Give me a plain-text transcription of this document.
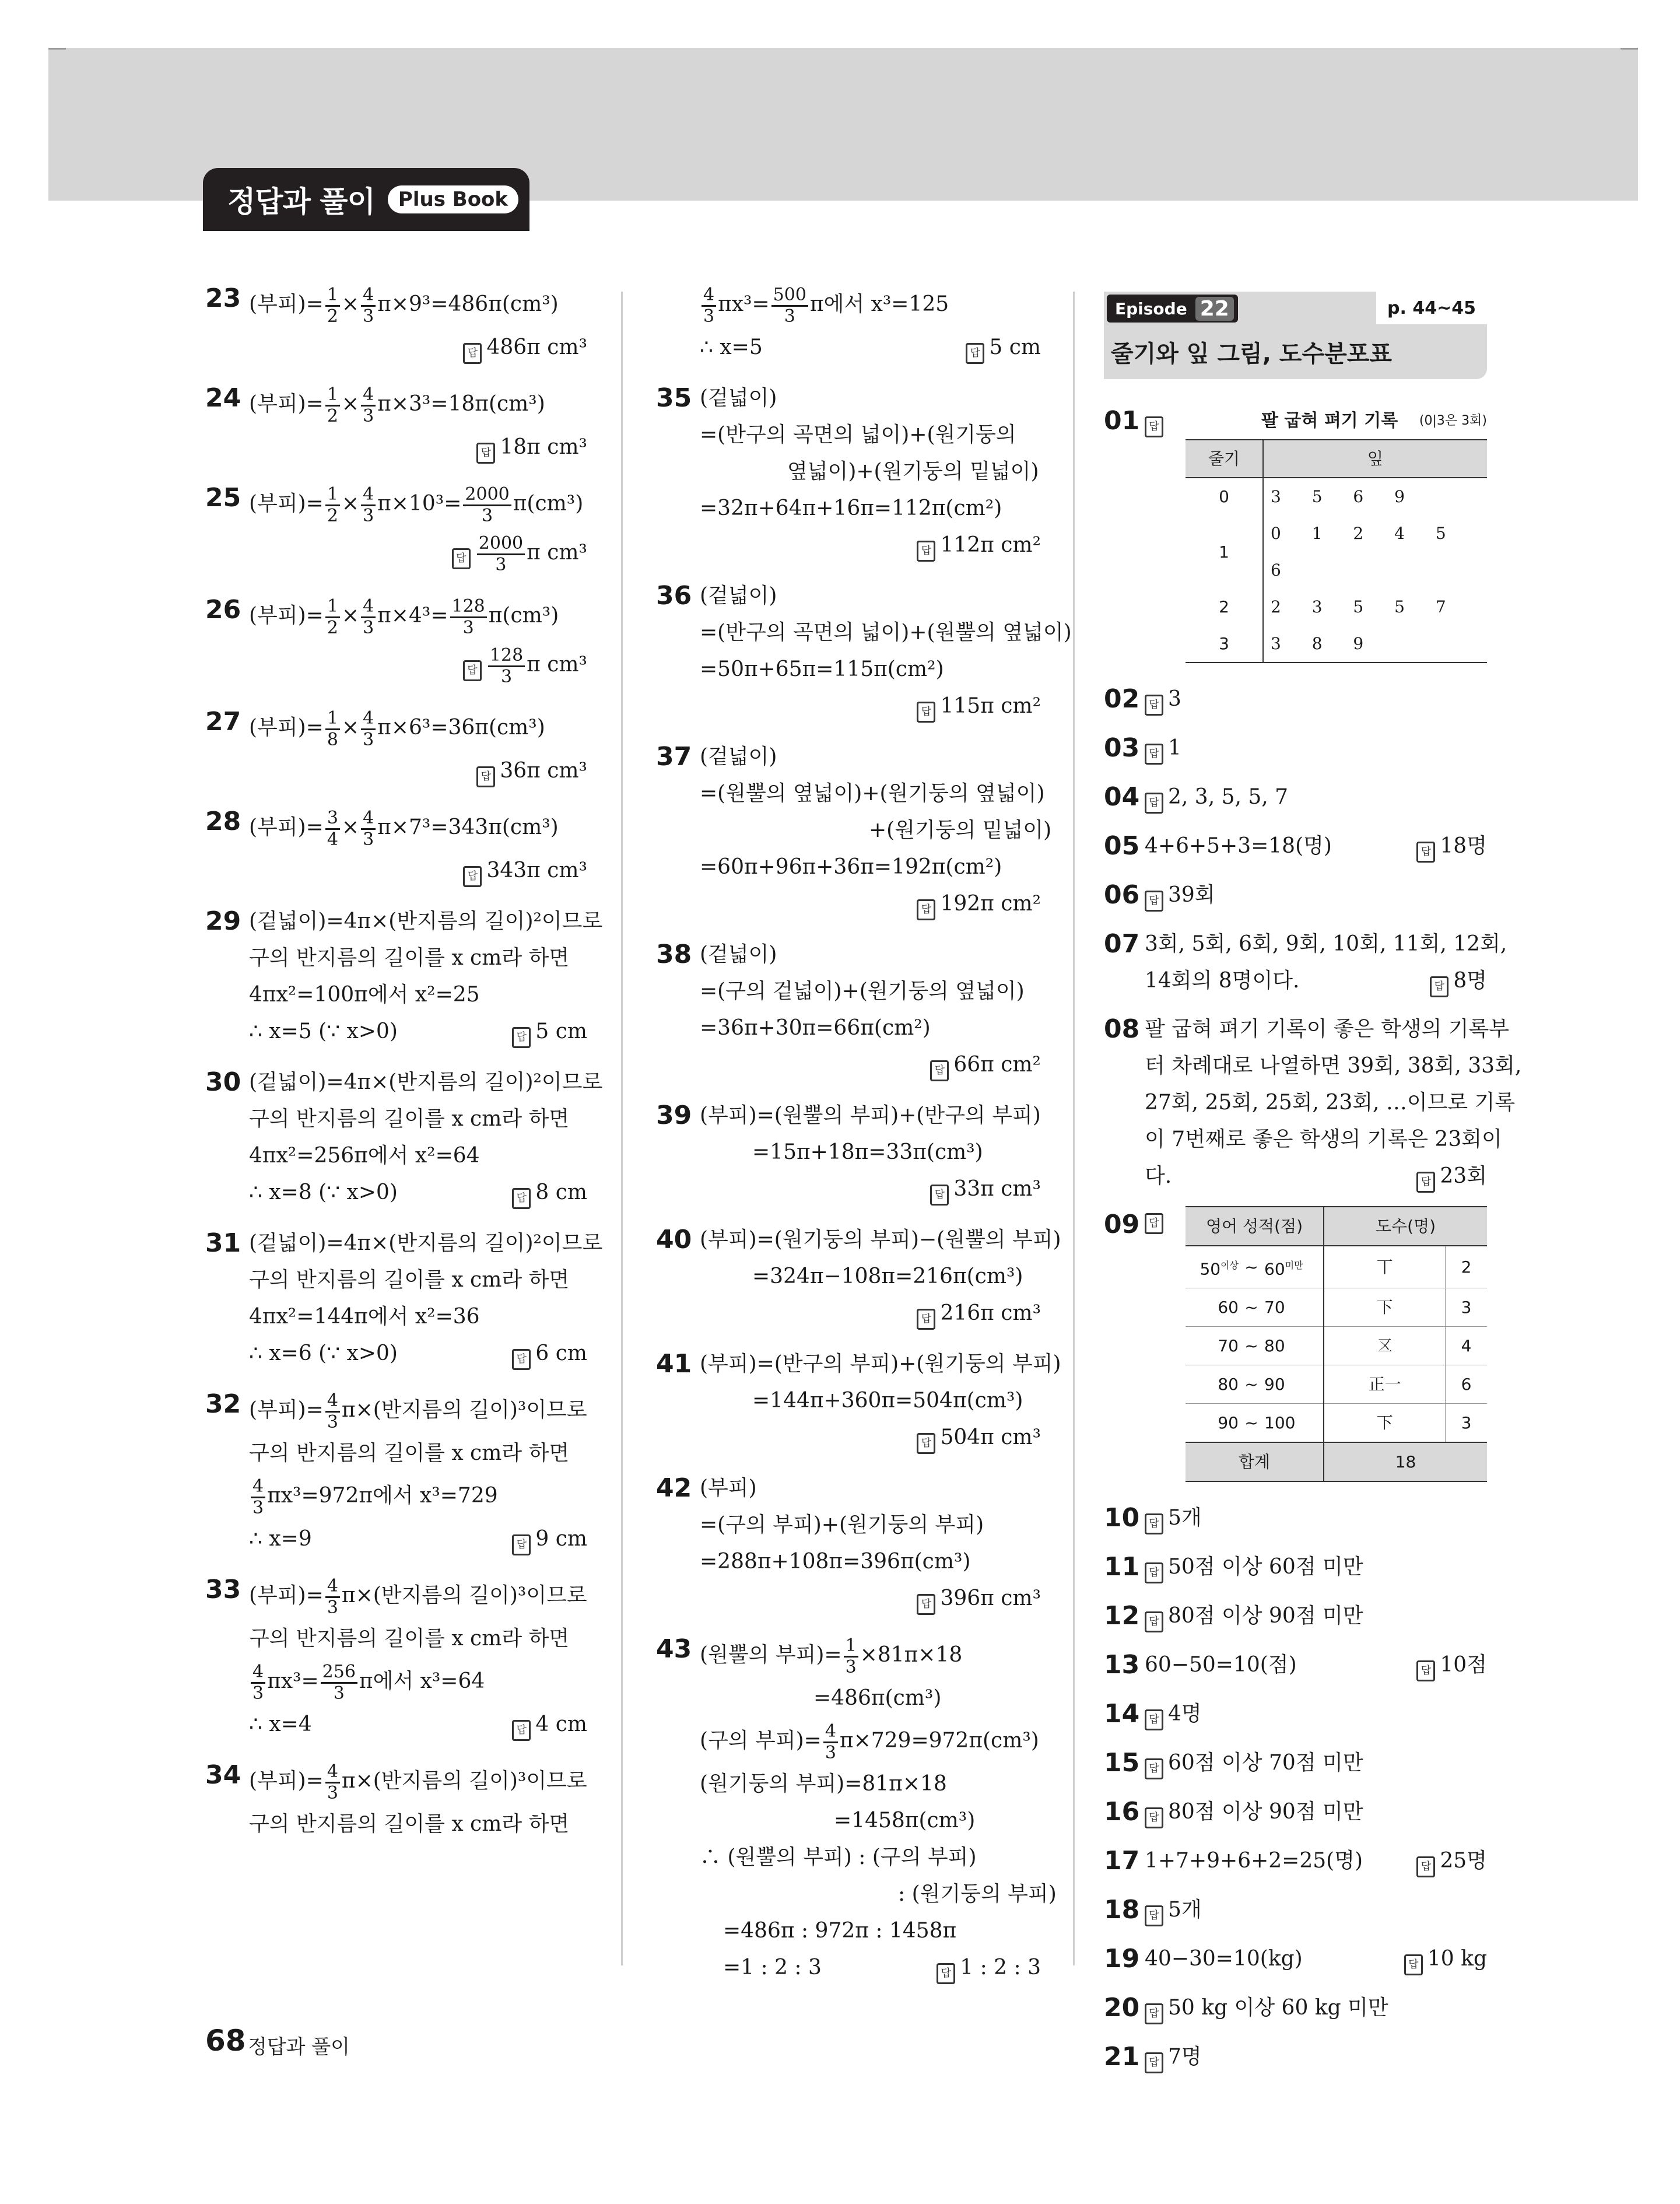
정답과 풀이	Plus Book
23 (부피)= $\frac{1}{2} \times \frac{4}{3} \pi\times 9^3=486\pi(cm^3)$
답 486π cm³
24 (부피)= $\frac{1}{2} \times \frac{4}{3} \pi\times 3^3=18\pi(cm^3)$
답 18π cm³
25 (부피)= $\frac{1}{2} \times \frac{4}{3} \pi\times 10^3= \frac{2000}{3} \pi(cm^3)$
답 $\frac{2000}{3}$ π cm³
26 (부피)= $\frac{1}{2} \times \frac{4}{3} \pi\times 4^3= \frac{128}{3} \pi(cm^3)$
답 $\frac{128}{3}$ π cm³
27 (부피)= $\frac{1}{8} \times \frac{4}{3} \pi\times 6^3=36\pi(cm^3)$
답 36π cm³
28 (부피)= $\frac{3}{4} \times \frac{4}{3} \pi\times 7^3=343\pi(cm^3)$
답 343π cm³
29 (겉넓이)=4π×(반지름의 길이)²이므로
구의 반지름의 길이를 x cm라 하면
4πx²=100π에서 x²=25
∴ x=5 (∵ x>0)	답 5 cm
30 (겉넓이)=4π×(반지름의 길이)²이므로
구의 반지름의 길이를 x cm라 하면
4πx²=256π에서 x²=64
∴ x=8 (∵ x>0)	답 8 cm
31 (겉넓이)=4π×(반지름의 길이)²이므로
구의 반지름의 길이를 x cm라 하면
4πx²=144π에서 x²=36
∴ x=6 (∵ x>0)	답 6 cm
32 (부피)= $\frac{4}{3} \pi\times$(반지름의 길이)³이므로
구의 반지름의 길이를 x cm라 하면
$\frac{4}{3} \pi x^3=972\pi$에서 x³=729
∴ x=9	답 9 cm
33 (부피)= $\frac{4}{3} \pi\times$(반지름의 길이)³이므로
구의 반지름의 길이를 x cm라 하면
$\frac{4}{3} \pi x^3= \frac{256}{3}$ π에서 x³=64
∴ x=4	답 4 cm
34 (부피)= $\frac{4}{3} \pi\times$(반지름의 길이)³이므로
구의 반지름의 길이를 x cm라 하면
$\frac{4}{3} \pi x^3= \frac{500}{3}$ π에서 x³=125
∴ x=5	답 5 cm
35 (겉넓이)
=(반구의 곡면의 넓이)+(원기둥의
옆넓이)+(원기둥의 밑넓이)
=32π+64π+16π=112π(cm²)
답 112π cm²
36 (겉넓이)
=(반구의 곡면의 넓이)+(원뿔의 옆넓이)
=50π+65π=115π(cm²)
답 115π cm²
37 (겉넓이)
=(원뿔의 옆넓이)+(원기둥의 옆넓이)
+(원기둥의 밑넓이)
=60π+96π+36π=192π(cm²)
답 192π cm²
38 (겉넓이)
=(구의 겉넓이)+(원기둥의 옆넓이)
=36π+30π=66π(cm²)
답 66π cm²
39 (부피)=(원뿔의 부피)+(반구의 부피)
=15π+18π=33π(cm³)
답 33π cm³
40 (부피)=(원기둥의 부피)−(원뿔의 부피)
=324π−108π=216π(cm³)
답 216π cm³
41 (부피)=(반구의 부피)+(원기둥의 부피)
=144π+360π=504π(cm³)
답 504π cm³
42 (부피)
=(구의 부피)+(원기둥의 부피)
=288π+108π=396π(cm³)
답 396π cm³
43 (원뿔의 부피)= $\frac{1}{3} \times 81\pi\times 18$
=486π(cm³)
(구의 부피)= $\frac{4}{3} \pi\times 729=972\pi(cm^3)$
(원기둥의 부피)=81π×18
=1458π(cm³)
∴ (원뿔의 부피) : (구의 부피)
: (원기둥의 부피)
=486π : 972π : 1458π
=1 : 2 : 3	답 1 : 2 : 3
Episode 22	p. 44~45
줄기와 잎 그림, 도수분포표
01 답	팔 굽혀 펴기 기록 (0|3은 3회)
줄기	잎
0	3 5 6 9
1	0 1 2 4 5 6
2	2 3 5 5 7
3	3 8 9
02 답 3
03 답 1
04 답 2, 3, 5, 5, 7
05 4+6+5+3=18(명)	답 18명
06 답 39회
07 3회, 5회, 6회, 9회, 10회, 11회, 12회,
14회의 8명이다.	답 8명
08 팔 굽혀 펴기 기록이 좋은 학생의 기록부
터 차례대로 나열하면 39회, 38회, 33회,
27회, 25회, 25회, 23회, …이므로 기록
이 7번째로 좋은 학생의 기록은 23회이
다.	답 23회
09 답	영어 성적(점)			도수(명)	
$50^{이상}$	~	$60^{미만}$	丅	2
60	~	70	下	3
70	~	80	𠄡	4
80	~	90	正一	6
90	~	100	下	3
합계			18	
10 답 5개
11 답 50점 이상 60점 미만
12 답 80점 이상 90점 미만
13 60−50=10(점)	답 10점
14 답 4명
15 답 60점 이상 70점 미만
16 답 80점 이상 90점 미만
17 1+7+9+6+2=25(명)	답 25명
18 답 5개
19 40−30=10(kg)	답 10 kg
20 답 50 kg 이상 60 kg 미만
21 답 7명
68 정답과 풀이
